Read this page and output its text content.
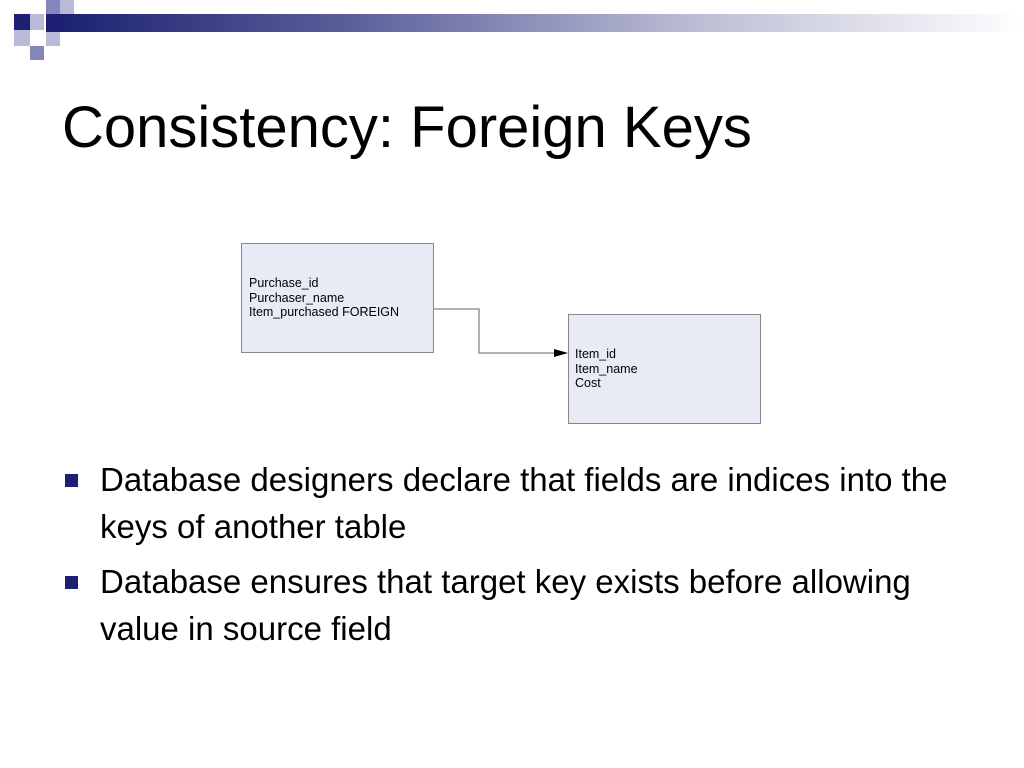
Consistency: Foreign Keys
Purchase_id
Purchaser_name
Item_purchased FOREIGN
Item_id
Item_name
Cost
Database designers declare that fields are indices into the keys of another table
Database ensures that target key exists before allowing value in source field
